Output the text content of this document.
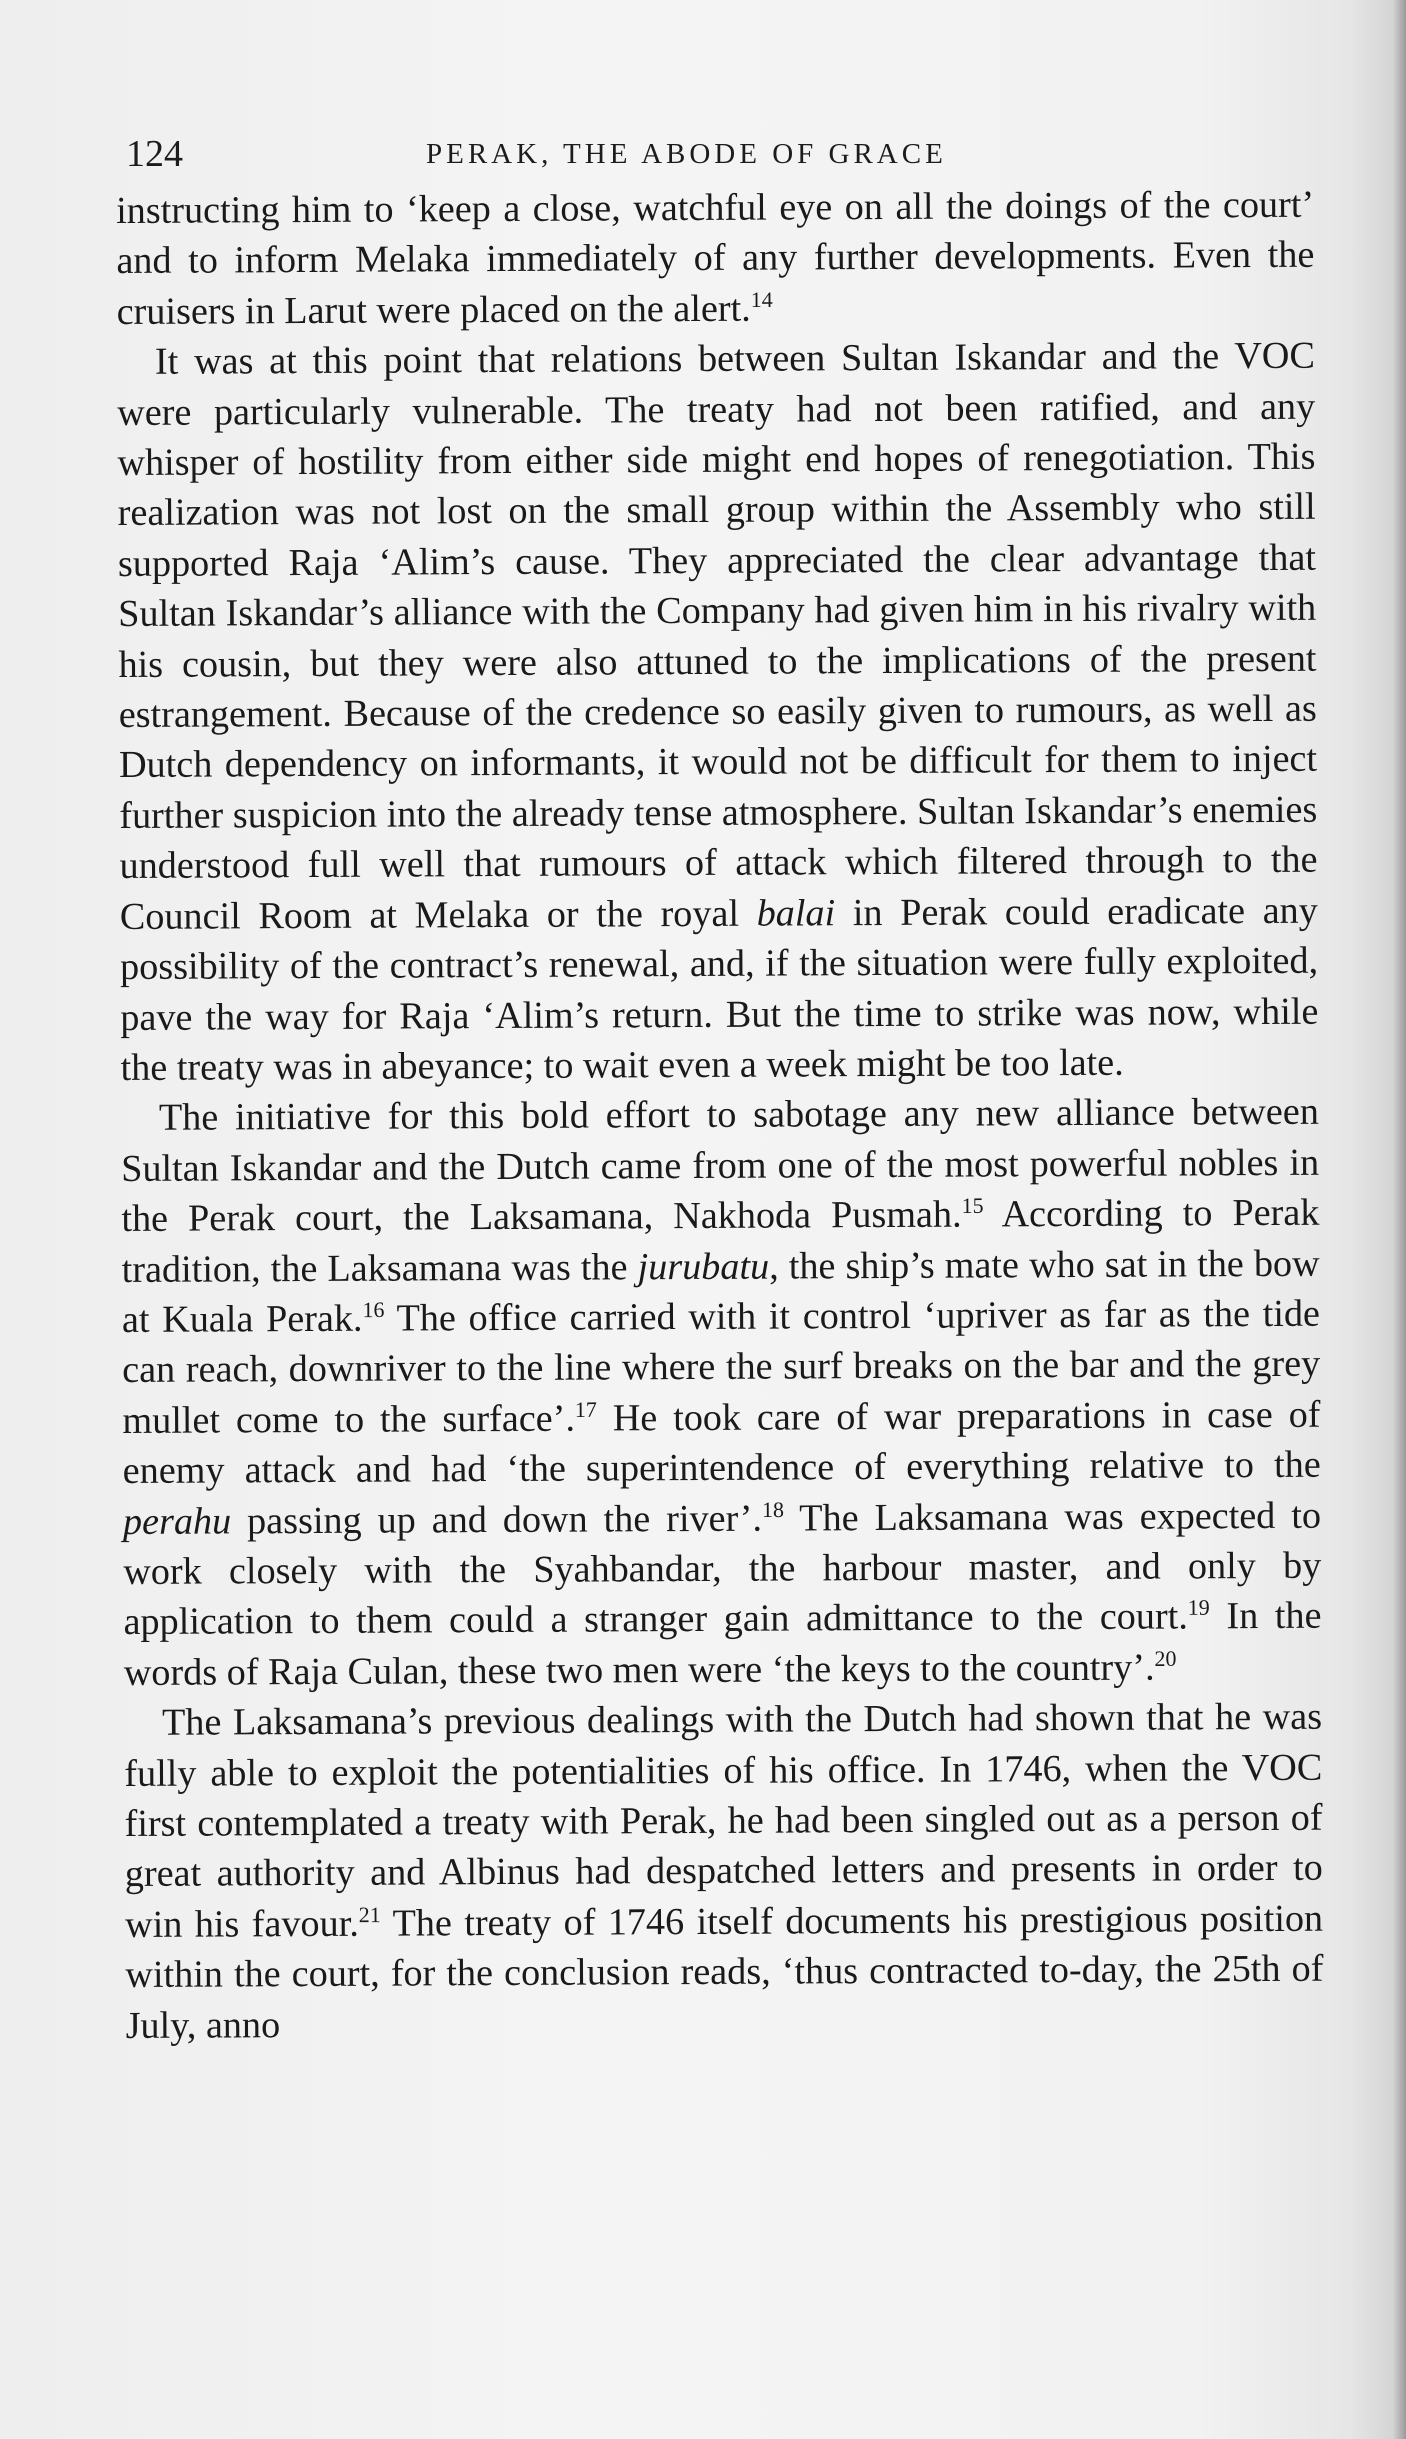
124	PERAK, THE ABODE OF GRACE

instructing him to ‘keep a close, watchful eye on all the doings of the court’ and to inform Melaka immediately of any further developments. Even the cruisers in Larut were placed on the alert.$^{14}$

It was at this point that relations between Sultan Iskandar and the VOC were particularly vulnerable. The treaty had not been ratified, and any whisper of hostility from either side might end hopes of renegotiation. This realization was not lost on the small group within the Assembly who still supported Raja ‘Alim’s cause. They appreciated the clear advantage that Sultan Iskandar’s alliance with the Company had given him in his rivalry with his cousin, but they were also attuned to the implications of the present estrangement. Because of the credence so easily given to rumours, as well as Dutch dependency on informants, it would not be difficult for them to inject further suspicion into the already tense atmosphere. Sultan Iskandar’s enemies understood full well that rumours of attack which filtered through to the Council Room at Melaka or the royal balai in Perak could eradicate any possibility of the contract’s renewal, and, if the situation were fully exploited, pave the way for Raja ‘Alim’s return. But the time to strike was now, while the treaty was in abeyance; to wait even a week might be too late.

The initiative for this bold effort to sabotage any new alliance between Sultan Iskandar and the Dutch came from one of the most powerful nobles in the Perak court, the Laksamana, Nakhoda Pusmah.$^{15}$ According to Perak tradition, the Laksamana was the jurubatu, the ship’s mate who sat in the bow at Kuala Perak.$^{16}$ The office carried with it control ‘upriver as far as the tide can reach, downriver to the line where the surf breaks on the bar and the grey mullet come to the surface’.$^{17}$ He took care of war preparations in case of enemy attack and had ‘the superintendence of everything relative to the perahu passing up and down the river’.$^{18}$ The Laksamana was expected to work closely with the Syahbandar, the harbour master, and only by application to them could a stranger gain admittance to the court.$^{19}$ In the words of Raja Culan, these two men were ‘the keys to the country’.$^{20}$

The Laksamana’s previous dealings with the Dutch had shown that he was fully able to exploit the potentialities of his office. In 1746, when the VOC first contemplated a treaty with Perak, he had been singled out as a person of great authority and Albinus had despatched letters and presents in order to win his favour.$^{21}$ The treaty of 1746 itself documents his prestigious position within the court, for the conclusion reads, ‘thus contracted to-day, the 25th of July, anno
